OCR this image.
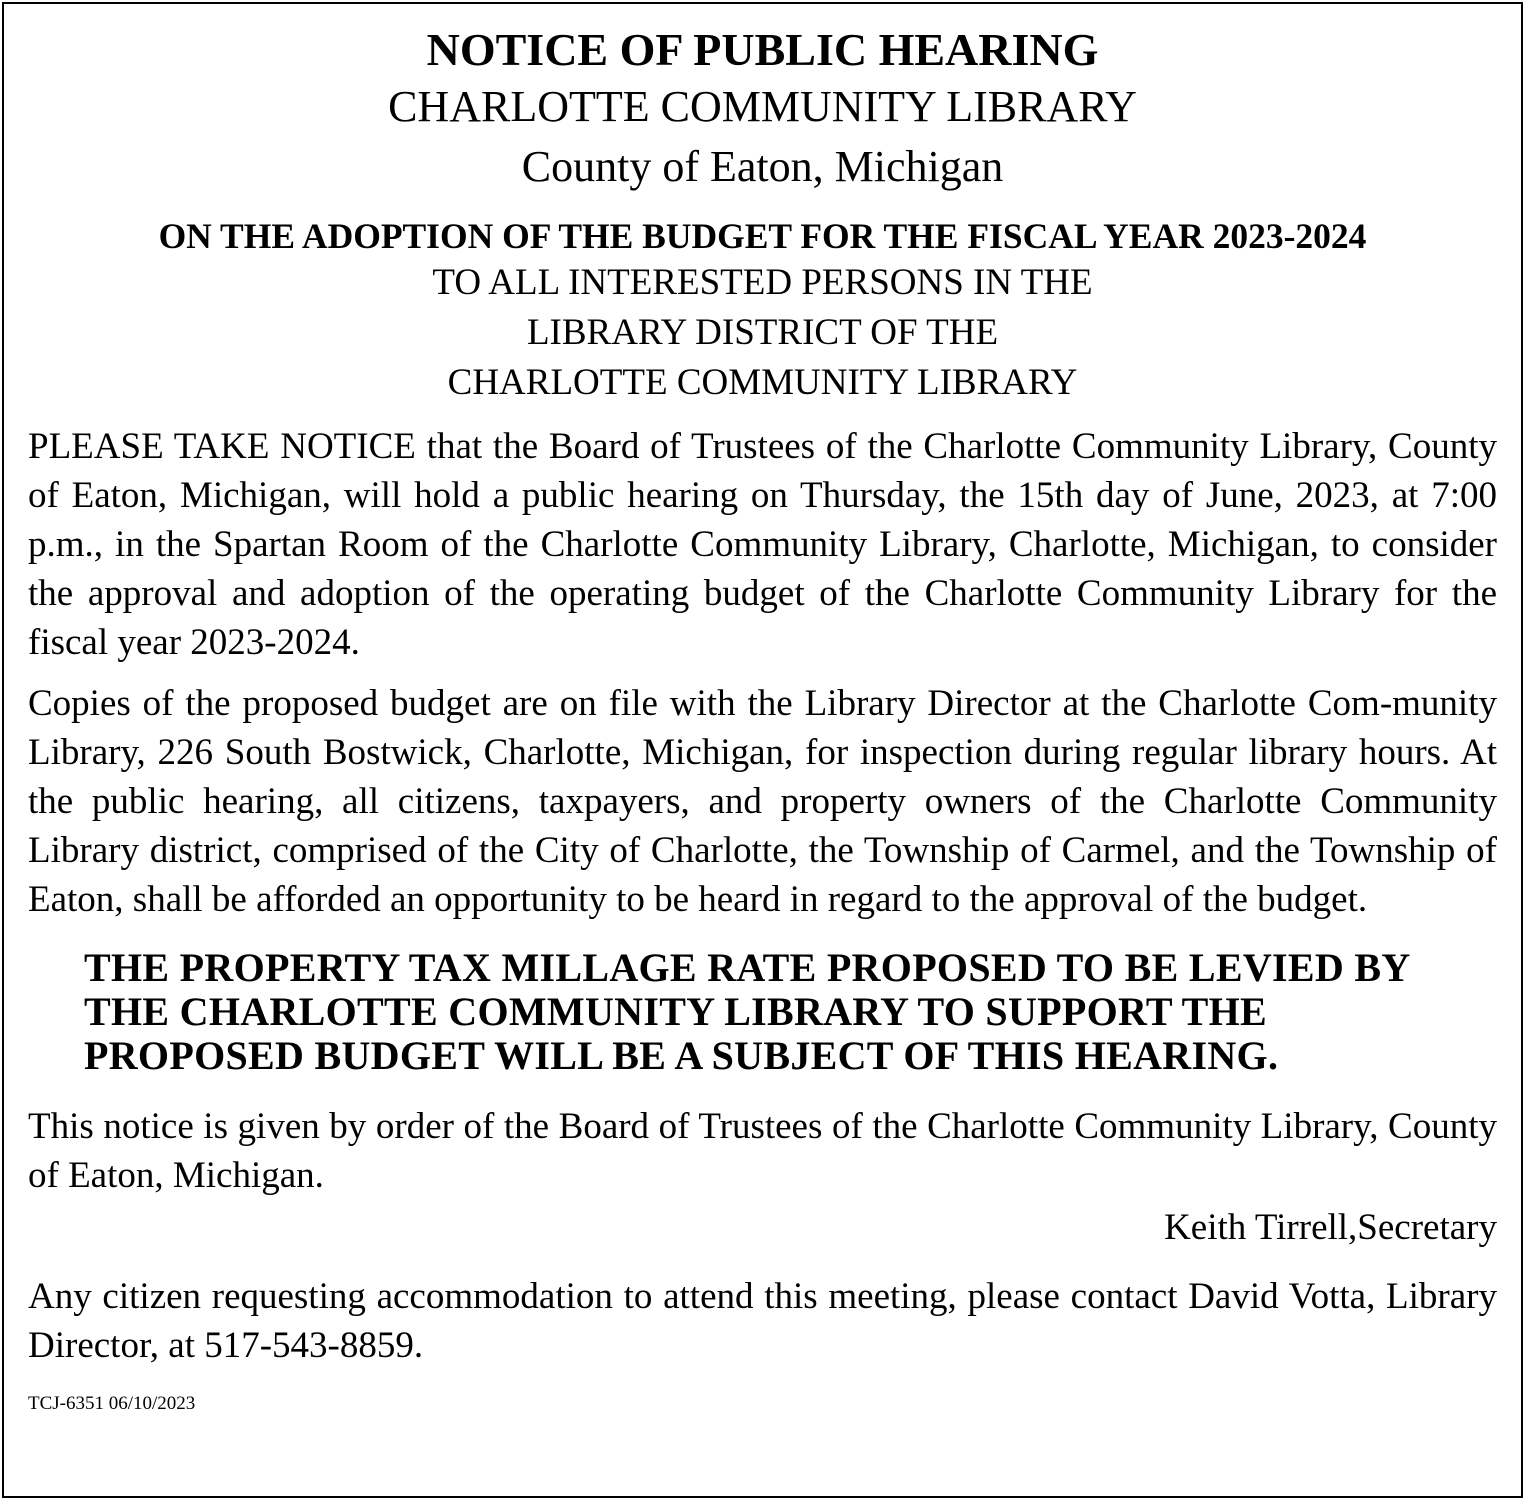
NOTICE OF PUBLIC HEARING

CHARLOTTE COMMUNITY LIBRARY

County of Eaton, Michigan

ON THE ADOPTION OF THE BUDGET FOR THE FISCAL YEAR 2023-2024

TO ALL INTERESTED PERSONS IN THE

LIBRARY DISTRICT OF THE

CHARLOTTE COMMUNITY LIBRARY

PLEASE TAKE NOTICE that the Board of Trustees of the Charlotte Community Library, County of Eaton, Michigan, will hold a public hearing on Thursday, the 15th day of June, 2023, at 7:00 p.m., in the Spartan Room of the Charlotte Community Library, Charlotte, Michigan, to consider the approval and adoption of the operating budget of the Charlotte Community Library for the fiscal year 2023-2024.

Copies of the proposed budget are on file with the Library Director at the Charlotte Com-munity Library, 226 South Bostwick, Charlotte, Michigan, for inspection during regular library hours. At the public hearing, all citizens, taxpayers, and property owners of the Charlotte Community Library district, comprised of the City of Charlotte, the Township of Carmel, and the Township of Eaton, shall be afforded an opportunity to be heard in regard to the approval of the budget.

THE PROPERTY TAX MILLAGE RATE PROPOSED TO BE LEVIED BY THE CHARLOTTE COMMUNITY LIBRARY TO SUPPORT THE PROPOSED BUDGET WILL BE A SUBJECT OF THIS HEARING.

This notice is given by order of the Board of Trustees of the Charlotte Community Library, County of Eaton, Michigan.

Keith Tirrell,Secretary

Any citizen requesting accommodation to attend this meeting, please contact David Votta, Library Director, at 517-543-8859.

TCJ-6351 06/10/2023
